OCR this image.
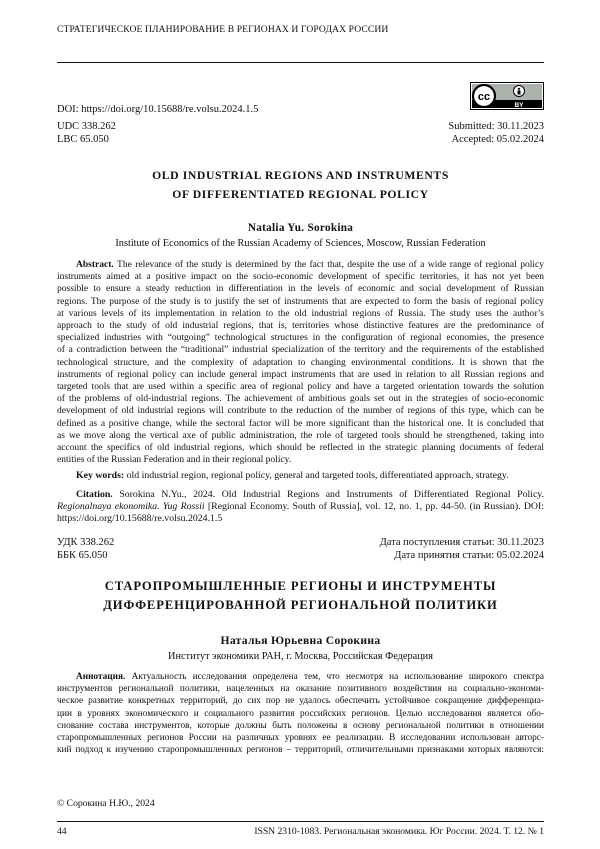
СТРАТЕГИЧЕСКОЕ ПЛАНИРОВАНИЕ В РЕГИОНАХ И ГОРОДАХ РОССИИ
cc
BY
DOI: https://doi.org/10.15688/re.volsu.2024.1.5
UDC 338.262
LBC 65.050
Submitted: 30.11.2023
Accepted: 05.02.2024
OLD INDUSTRIAL REGIONS AND INSTRUMENTS
OF DIFFERENTIATED REGIONAL POLICY
Natalia Yu. Sorokina
Institute of Economics of the Russian Academy of Sciences, Moscow, Russian Federation
Abstract. The relevance of the study is determined by the fact that, despite the use of a wide range of regional policy
instruments aimed at a positive impact on the socio-economic development of specific territories, it has not yet been
possible to ensure a steady reduction in differentiation in the levels of economic and social development of Russian
regions. The purpose of the study is to justify the set of instruments that are expected to form the basis of regional policy
at various levels of its implementation in relation to the old industrial regions of Russia. The study uses the author’s
approach to the study of old industrial regions, that is, territories whose distinctive features are the predominance of
specialized industries with “outgoing” technological structures in the configuration of regional economies, the presence
of a contradiction between the “traditional” industrial specialization of the territory and the requirements of the established
technological structure, and the complexity of adaptation to changing environmental conditions. It is shown that the
instruments of regional policy can include general impact instruments that are used in relation to all Russian regions and
targeted tools that are used within a specific area of regional policy and have a targeted orientation towards the solution
of the problems of old-industrial regions. The achievement of ambitious goals set out in the strategies of socio-economic
development of old industrial regions will contribute to the reduction of the number of regions of this type, which can be
defined as a positive change, while the sectoral factor will be more significant than the historical one. It is concluded that
as we move along the vertical axe of public administration, the role of targeted tools should be strengthened, taking into
account the specifics of old industrial regions, which should be reflected in the strategic planning documents of federal
entities of the Russian Federation and in their regional policy.
Key words: old industrial region, regional policy, general and targeted tools, differentiated approach, strategy.
Citation. Sorokina N.Yu., 2024. Old Industrial Regions and Instruments of Differentiated Regional Policy.
Regionalnaya ekonomika. Yug Rossii [Regional Economy. South of Russia], vol. 12, no. 1, pp. 44-50. (in Russian). DOI:
https://doi.org/10.15688/re.volsu.2024.1.5
УДК 338.262
ББК 65.050
Дата поступления статьи: 30.11.2023
Дата принятия статьи: 05.02.2024
СТАРОПРОМЫШЛЕННЫЕ РЕГИОНЫ И ИНСТРУМЕНТЫ
ДИФФЕРЕНЦИРОВАННОЙ РЕГИОНАЛЬНОЙ ПОЛИТИКИ
Наталья Юрьевна Сорокина
Институт экономики РАН, г. Москва, Российская Федерация
Аннотация. Актуальность исследования определена тем, что несмотря на использование широкого спектра
инструментов региональной политики, нацеленных на оказание позитивного воздействия на социально-экономи-
ческое развитие конкретных территорий, до сих пор не удалось обеспечить устойчивое сокращение дифференциа-
ции в уровнях экономического и социального развития российских регионов. Целью исследования является обо-
снование состава инструментов, которые должны быть положены в основу региональной политики в отношении
старопромышленных регионов России на различных уровнях ее реализации. В исследовании использован авторс-
кий подход к изучению старопромышленных регионов – территорий, отличительными признаками которых являются:
© Сорокина Н.Ю., 2024
44	ISSN 2310-1083. Региональная экономика. Юг России. 2024. Т. 12. № 1
